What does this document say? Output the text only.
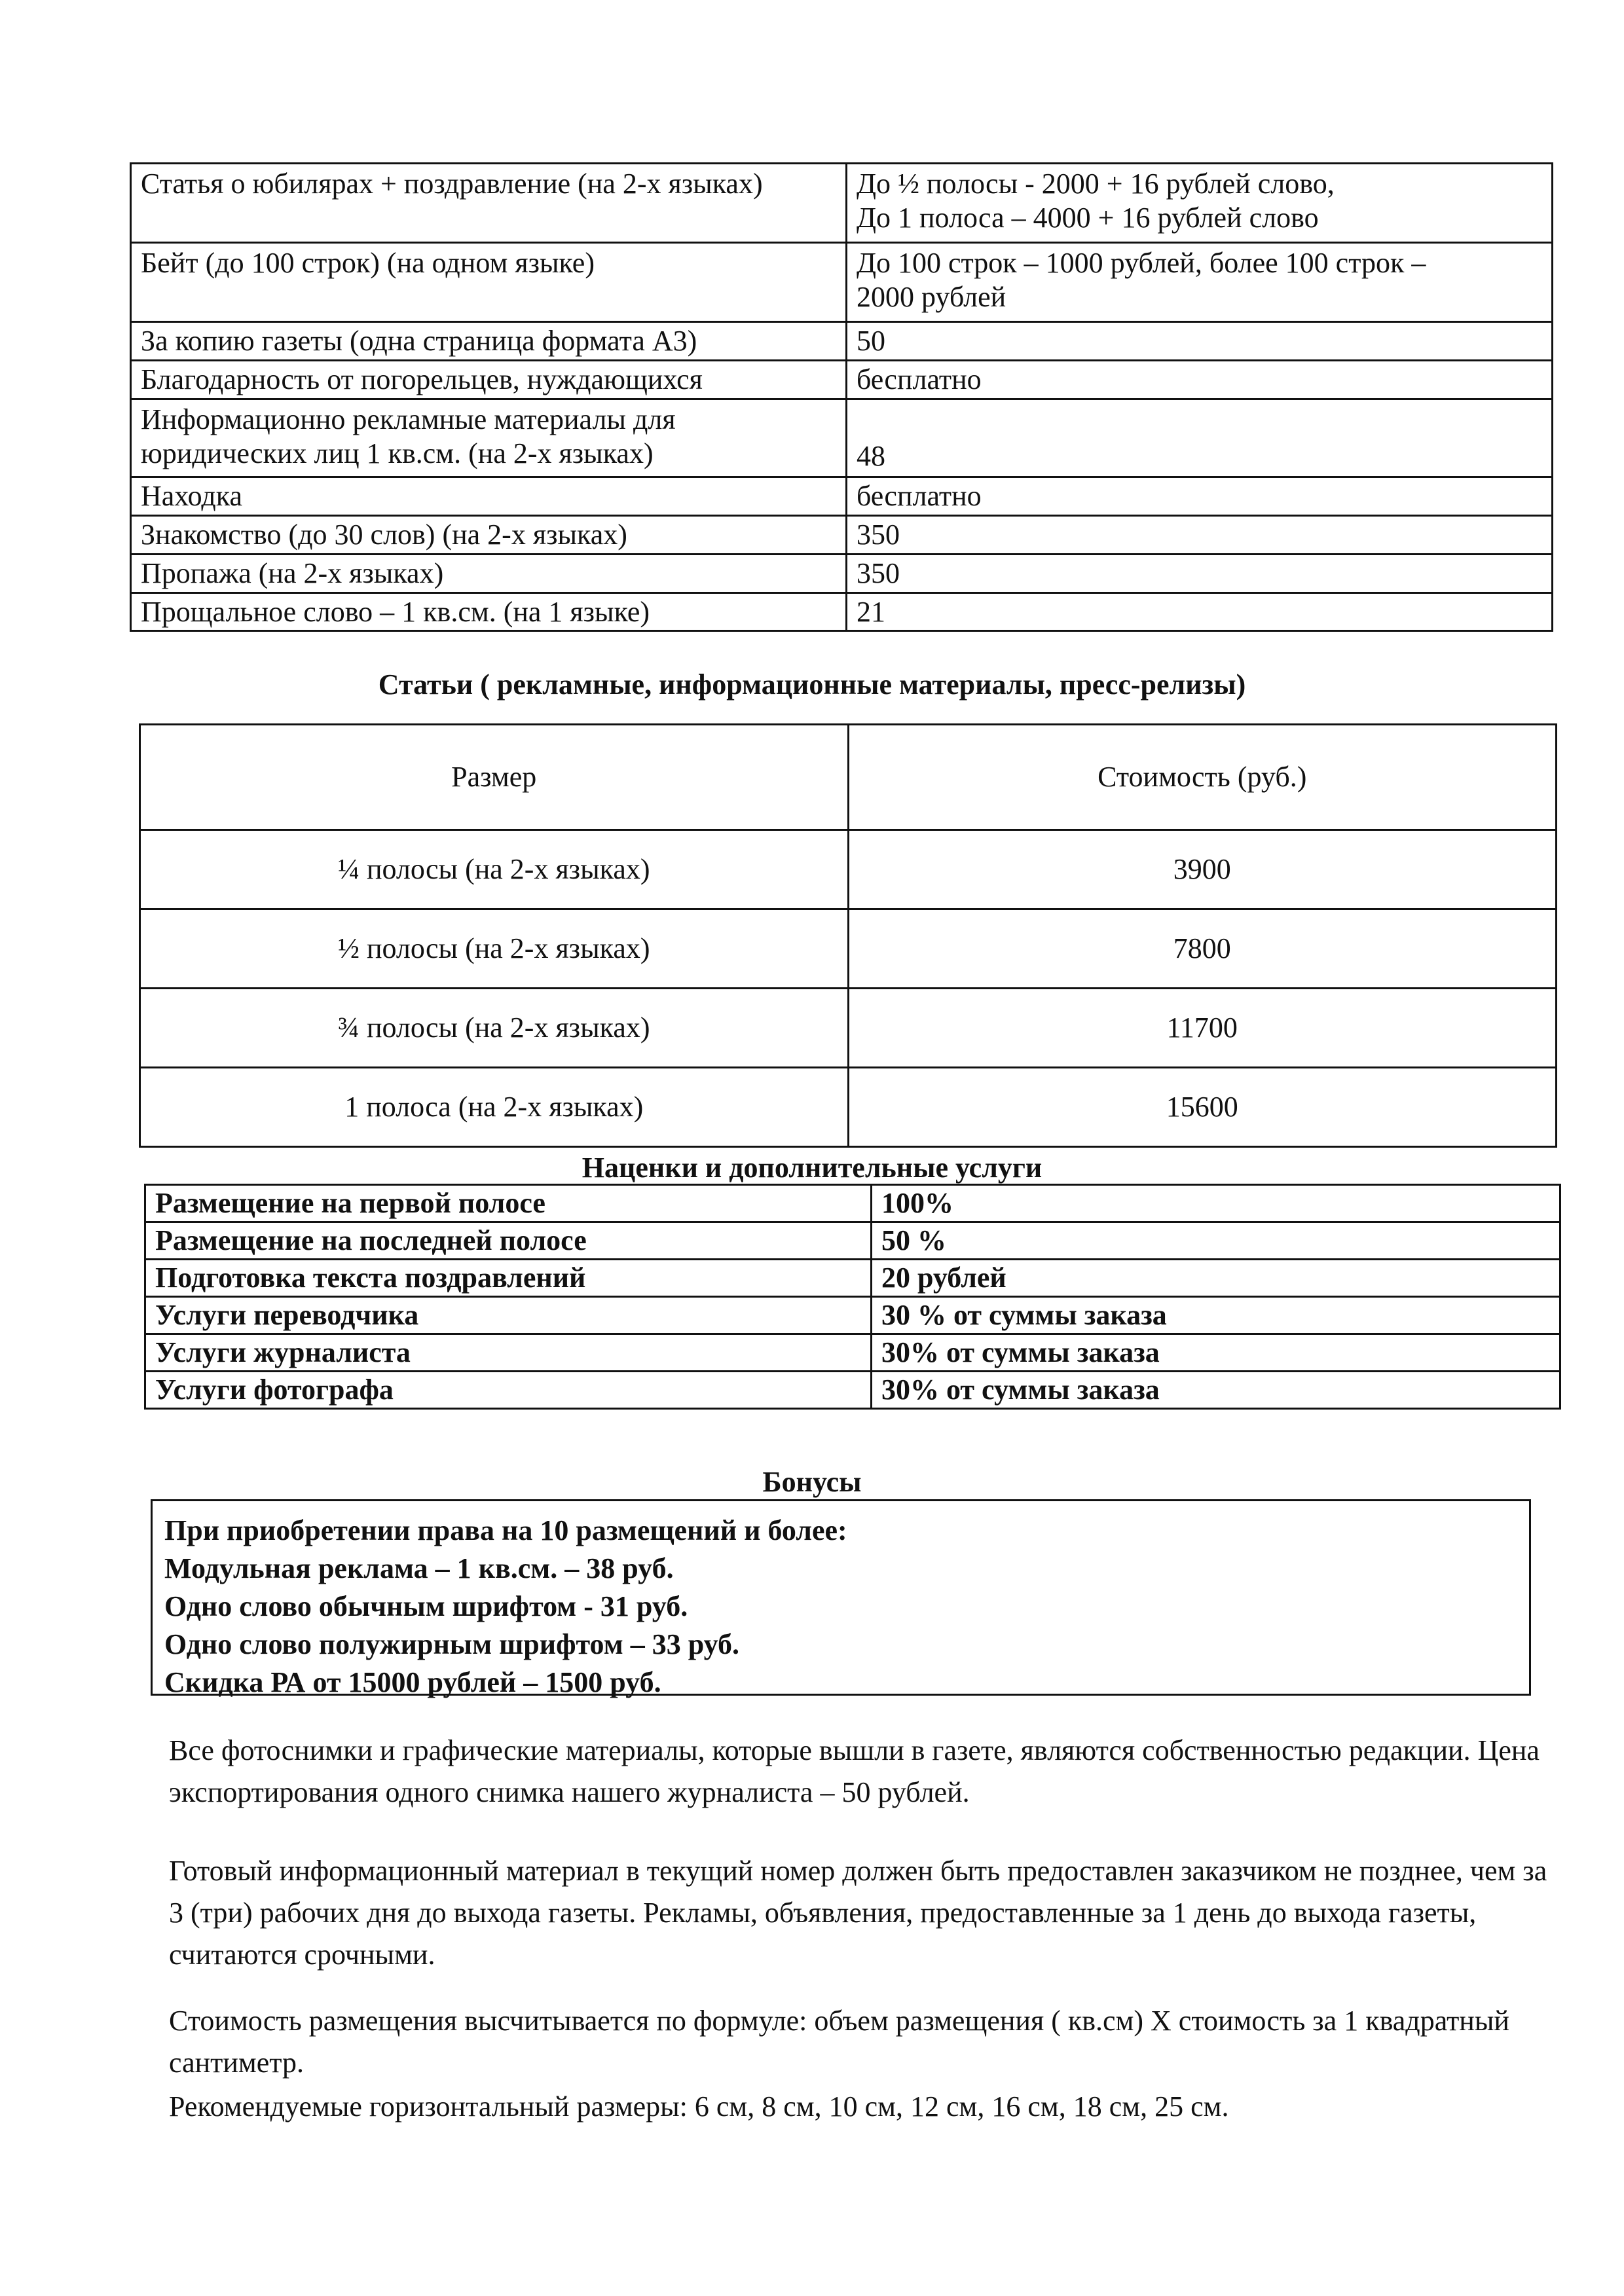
Статья о юбилярах + поздравление (на 2-х языках)	До ½ полосы - 2000 + 16 рублей слово,
До 1 полоса – 4000 + 16 рублей слово

Бейт (до 100 строк) (на одном языке)	До 100 строк – 1000 рублей, более 100 строк –
2000 рублей

За копию газеты (одна страница формата А3)	50
Благодарность от погорельцев, нуждающихся	бесплатно
Информационно рекламные материалы для юридических лиц 1 кв.см. (на 2-х языках)	48
Находка	бесплатно
Знакомство (до 30 слов) (на 2-х языках)	350
Пропажа (на 2-х языках)	350
Прощальное слово – 1 кв.см. (на 1 языке)	21
Статьи ( рекламные, информационные материалы, пресс-релизы)
Размер	Стоимость (руб.)
¼ полосы (на 2-х языках)	3900
½ полосы (на 2-х языках)	7800
¾ полосы (на 2-х языках)	11700
1 полоса (на 2-х языках)	15600
Наценки и дополнительные услуги
Размещение на первой полосе	100%
Размещение на последней полосе	50 %
Подготовка текста поздравлений	20 рублей
Услуги переводчика	30 % от суммы заказа
Услуги журналиста	30% от суммы заказа
Услуги фотографа	30% от суммы заказа
Бонусы
При приобретении права на 10 размещений и более:
Модульная реклама – 1 кв.см. – 38 руб.
Одно слово обычным шрифтом - 31 руб.
Одно слово полужирным шрифтом – 33 руб.
Скидка РА от 15000 рублей – 1500 руб.
Все фотоснимки и графические материалы, которые вышли в газете, являются собственностью редакции. Цена экспортирования одного снимка нашего журналиста – 50 рублей.
Готовый информационный материал в текущий номер должен быть предоставлен заказчиком не позднее, чем за 3 (три) рабочих дня до выхода газеты. Рекламы, объявления, предоставленные за 1 день до выхода газеты, считаются срочными.
Стоимость размещения высчитывается по формуле: объем размещения ( кв.см) Х стоимость за 1 квадратный сантиметр.
Рекомендуемые горизонтальный размеры: 6 см, 8 см, 10 см, 12 см, 16 см, 18 см, 25 см.
